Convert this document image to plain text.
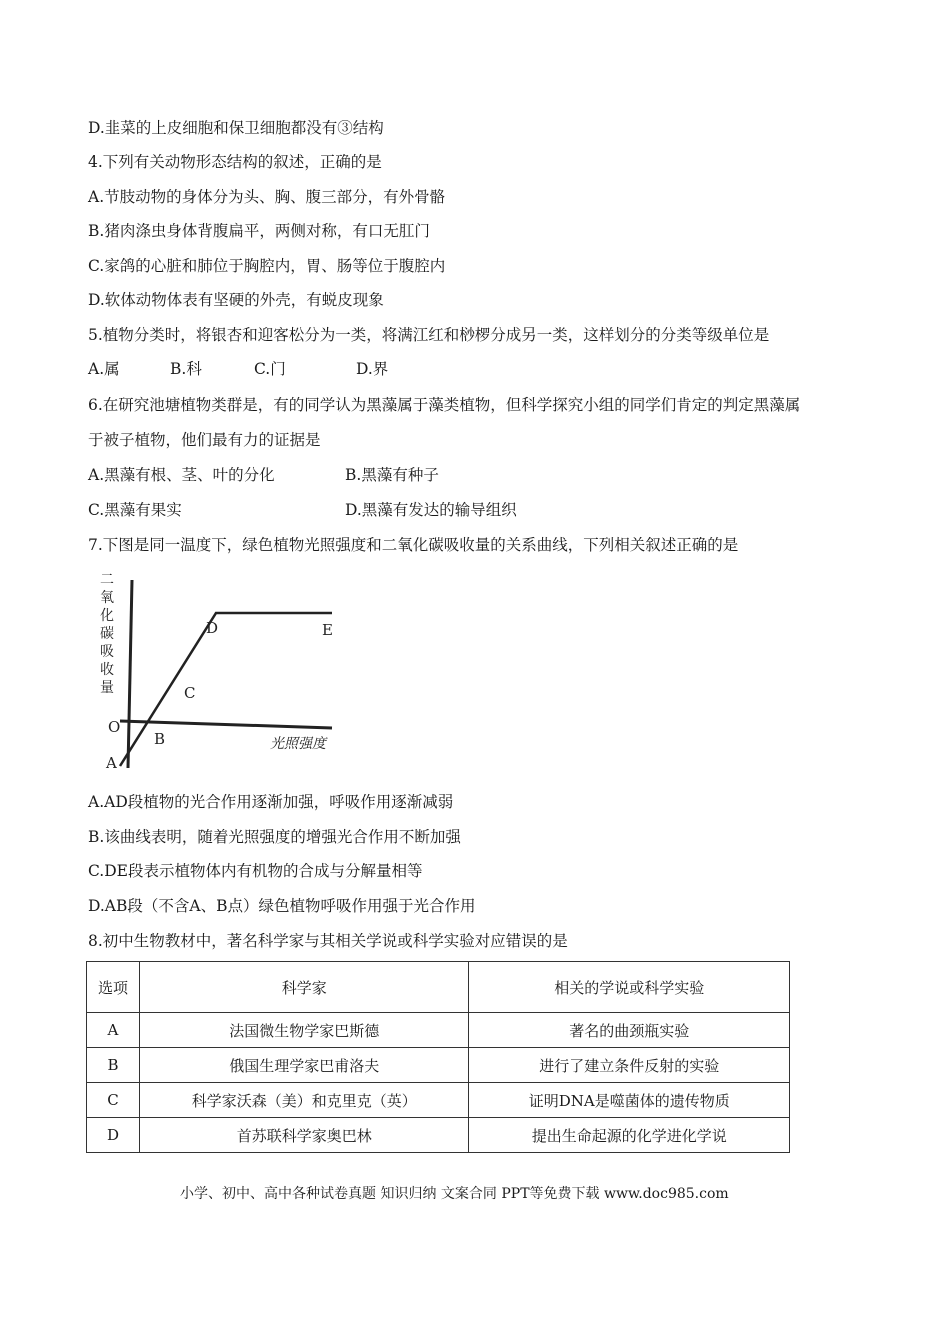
D.韭菜的上皮细胞和保卫细胞都没有③结构
4.下列有关动物形态结构的叙述，正确的是
A.节肢动物的身体分为头、胸、腹三部分，有外骨骼
B.猪肉涤虫身体背腹扁平，两侧对称，有口无肛门
C.家鸽的心脏和肺位于胸腔内，胃、肠等位于腹腔内
D.软体动物体表有坚硬的外壳，有蜕皮现象
5.植物分类时，将银杏和迎客松分为一类，将满江红和桫椤分成另一类，这样划分的分类等级单位是
A.属	B.科	C.门	D.界
6.在研究池塘植物类群是，有的同学认为黑藻属于藻类植物，但科学探究小组的同学们肯定的判定黑藻属
于被子植物，他们最有力的证据是
A.黑藻有根、茎、叶的分化	B.黑藻有种子
C.黑藻有果实	D.黑藻有发达的输导组织
7.下图是同一温度下，绿色植物光照强度和二氧化碳吸收量的关系曲线，下列相关叙述正确的是
二
氧
化
碳
吸
收
量
光照强度
D	E
C
O
B
A
A.AD段植物的光合作用逐渐加强，呼吸作用逐渐减弱
B.该曲线表明，随着光照强度的增强光合作用不断加强
C.DE段表示植物体内有机物的合成与分解量相等
D.AB段（不含A、B点）绿色植物呼吸作用强于光合作用
8.初中生物教材中，著名科学家与其相关学说或科学实验对应错误的是
选项	科学家	相关的学说或科学实验
A	法国微生物学家巴斯德	著名的曲颈瓶实验
B	俄国生理学家巴甫洛夫	进行了建立条件反射的实验
C	科学家沃森（美）和克里克（英）	证明DNA是噬菌体的遗传物质
D	首苏联科学家奥巴林	提出生命起源的化学进化学说
小学、初中、高中各种试卷真题 知识归纳 文案合同 PPT等免费下载 www.doc985.com
